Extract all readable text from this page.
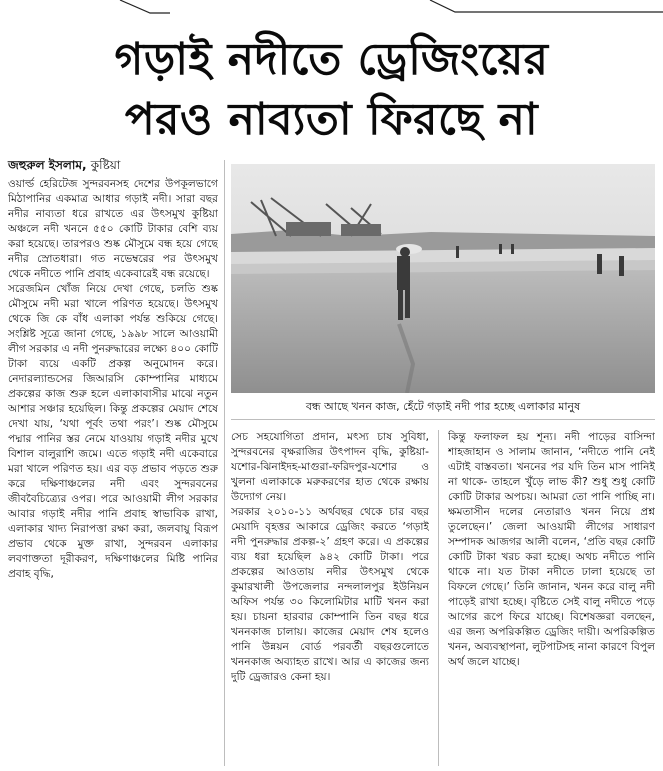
গড়াই নদীতে ড্রেজিংয়ের
পরও নাব্যতা ফিরছে না
জহুরুল ইসলাম, কুষ্টিয়া

ওয়ার্ল্ড হেরিটেজ সুন্দরবনসহ দেশের উপকূলভাগে মিঠাপানির একমাত্র আধার গড়াই নদী। সারা বছর নদীর নাব্যতা ধরে রাখতে এর উৎসমুখ কুষ্টিয়া অঞ্চলে নদী খননে ৫৫০ কোটি টাকার বেশি ব্যয় করা হয়েছে। তারপরও শুষ্ক মৌসুমে বন্ধ হয়ে গেছে নদীর স্রোতধারা। গত নভেম্বরের পর উৎসমুখ থেকে নদীতে পানি প্রবাহ একেবারেই বন্ধ রয়েছে।

সরেজমিন খোঁজ নিয়ে দেখা গেছে, চলতি শুষ্ক মৌসুমে নদী মরা খালে পরিণত হয়েছে। উৎসমুখ থেকে জি কে বাঁধ এলাকা পর্যন্ত শুকিয়ে গেছে। সংশ্লিষ্ট সূত্রে জানা গেছে, ১৯৯৮ সালে আওয়ামী লীগ সরকার এ নদী পুনরুদ্ধারের লক্ষ্যে ৪০০ কোটি টাকা ব্যয়ে একটি প্রকল্প অনুমোদন করে। নেদারল্যান্ডসের জিআরসি কোম্পানির মাধ্যমে প্রকল্পের কাজ শুরু হলে এলাকাবাসীর মাঝে নতুন আশার সঞ্চার হয়েছিল। কিন্তু প্রকল্পের মেয়াদ শেষে দেখা যায়, ‘যথা পূর্বং তথা পরং’। শুষ্ক মৌসুমে পদ্মার পানির স্তর নেমে যাওয়ায় গড়াই নদীর মুখে বিশাল বালুরাশি জমে। এতে গড়াই নদী একেবারে মরা খালে পরিণত হয়। এর বড় প্রভাব পড়তে শুরু করে দক্ষিণাঞ্চলের নদী এবং সুন্দরবনের জীববৈচিত্র্যের ওপর। পরে আওয়ামী লীগ সরকার আবার গড়াই নদীর পানি প্রবাহ স্বাভাবিক রাখা, এলাকার খাদ্য নিরাপত্তা রক্ষা করা, জলবায়ু বিরূপ প্রভাব থেকে মুক্ত রাখা, সুন্দরবন এলাকার লবণাক্ততা দূরীকরণ, দক্ষিণাঞ্চলের মিষ্টি পানির প্রবাহ বৃদ্ধি,

বন্ধ আছে খনন কাজ, হেঁটে গড়াই নদী পার হচ্ছে এলাকার মানুষ

সেচ সহযোগিতা প্রদান, মৎস্য চাষ সুবিধা, সুন্দরবনের বৃক্ষরাজির উৎপাদন বৃদ্ধি, কুষ্টিয়া-যশোর-ঝিনাইদহ-মাগুরা-ফরিদপুর-যশোর ও খুলনা এলাকাকে মরুকরণের হাত থেকে রক্ষায় উদ্যোগ নেয়।

সরকার ২০১০-১১ অর্থবছর থেকে চার বছর মেয়াদি বৃহত্তর আকারে ড্রেজিং করতে ‘গড়াই নদী পুনরুদ্ধার প্রকল্প-২’ গ্রহণ করে। এ প্রকল্পের ব্যয় ধরা হয়েছিল ৯৪২ কোটি টাকা। পরে প্রকল্পের আওতায় নদীর উৎসমুখ থেকে কুমারখালী উপজেলার নন্দলালপুর ইউনিয়ন অফিস পর্যন্ত ৩০ কিলোমিটার মাটি খনন করা হয়। চায়না হারবার কোম্পানি তিন বছর ধরে খননকাজ চালায়। কাজের মেয়াদ শেষ হলেও পানি উন্নয়ন বোর্ড পরবর্তী বছরগুলোতে খননকাজ অব্যাহত রাখে। আর এ কাজের জন্য দুটি ড্রেজারও কেনা হয়।

কিন্তু ফলাফল হয় শূন্য। নদী পাড়ের বাসিন্দা শাহজাহান ও সালাম জানান, ‘নদীতে পানি নেই এটাই বাস্তবতা। খননের পর যদি তিন মাস পানিই না থাকে- তাহলে খুঁড়ে লাভ কী? শুধু শুধু কোটি কোটি টাকার অপচয়। আমরা তো পানি পাচ্ছি না। ক্ষমতাসীন দলের নেতারাও খনন নিয়ে প্রশ্ন তুলেছেন।’ জেলা আওয়ামী লীগের সাধারণ সম্পাদক আজগর আলী বলেন, ‘প্রতি বছর কোটি কোটি টাকা খরচ করা হচ্ছে। অথচ নদীতে পানি থাকে না। যত টাকা নদীতে ঢালা হয়েছে তা বিফলে গেছে।’ তিনি জানান, খনন করে বালু নদী পাড়েই রাখা হচ্ছে। বৃষ্টিতে সেই বালু নদীতে পড়ে আগের রূপে ফিরে যাচ্ছে। বিশেষজ্ঞরা বলছেন, এর জন্য অপরিকল্পিত ড্রেজিং দায়ী। অপরিকল্পিত খনন, অব্যবস্থাপনা, লুটপাটসহ নানা কারণে বিপুল অর্থ জলে যাচ্ছে।
